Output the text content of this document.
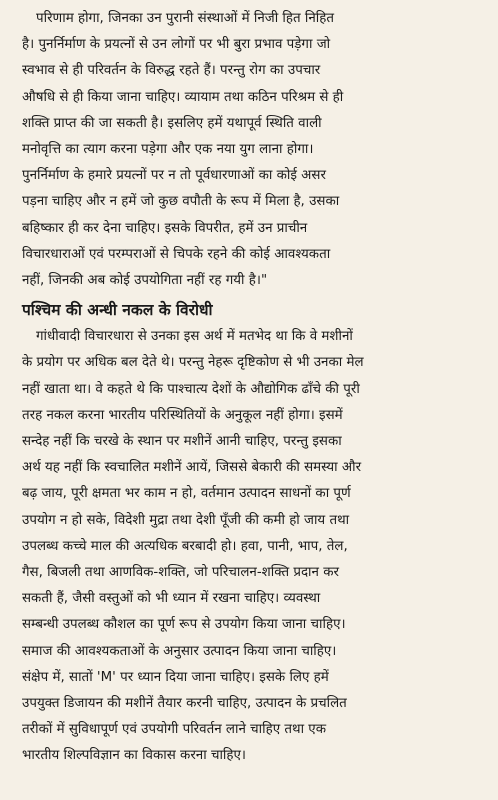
परिणाम होगा, जिनका उन पुरानी संस्थाओं में निजी हित निहित
है। पुनर्निर्माण के प्रयत्नों से उन लोगों पर भी बुरा प्रभाव पड़ेगा जो
स्वभाव से ही परिवर्तन के विरुद्ध रहते हैं। परन्तु रोग का उपचार
औषधि से ही किया जाना चाहिए। व्यायाम तथा कठिन परिश्रम से ही
शक्ति प्राप्त की जा सकती है। इसलिए हमें यथापूर्व स्थिति वाली
मनोवृत्ति का त्याग करना पड़ेगा और एक नया युग लाना होगा।
पुनर्निर्माण के हमारे प्रयत्नों पर न तो पूर्वधारणाओं का कोई असर
पड़ना चाहिए और न हमें जो कुछ वपौती के रूप में मिला है, उसका
बहिष्कार ही कर देना चाहिए। इसके विपरीत, हमें उन प्राचीन
विचारधाराओं एवं परम्पराओं से चिपके रहने की कोई आवश्यकता
नहीं, जिनकी अब कोई उपयोगिता नहीं रह गयी है।"
पश्चिम की अन्धी नकल के विरोधी
गांधीवादी विचारधारा से उनका इस अर्थ में मतभेद था कि वे मशीनों
के प्रयोग पर अधिक बल देते थे। परन्तु नेहरू दृष्टिकोण से भी उनका मेल
नहीं खाता था। वे कहते थे कि पाश्चात्य देशों के औद्योगिक ढाँचे की पूरी
तरह नकल करना भारतीय परिस्थितियों के अनुकूल नहीं होगा। इसमें
सन्देह नहीं कि चरखे के स्थान पर मशीनें आनी चाहिए, परन्तु इसका
अर्थ यह नहीं कि स्वचालित मशीनें आयें, जिससे बेकारी की समस्या और
बढ़ जाय, पूरी क्षमता भर काम न हो, वर्तमान उत्पादन साधनों का पूर्ण
उपयोग न हो सके, विदेशी मुद्रा तथा देशी पूँजी की कमी हो जाय तथा
उपलब्ध कच्चे माल की अत्यधिक बरबादी हो। हवा, पानी, भाप, तेल,
गैस, बिजली तथा आणविक-शक्ति, जो परिचालन-शक्ति प्रदान कर
सकती हैं, जैसी वस्तुओं को भी ध्यान में रखना चाहिए। व्यवस्था
सम्बन्धी उपलब्ध कौशल का पूर्ण रूप से उपयोग किया जाना चाहिए।
समाज की आवश्यकताओं के अनुसार उत्पादन किया जाना चाहिए।
संक्षेप में, सातों 'M' पर ध्यान दिया जाना चाहिए। इसके लिए हमें
उपयुक्त डिजायन की मशीनें तैयार करनी चाहिए, उत्पादन के प्रचलित
तरीकों में सुविधापूर्ण एवं उपयोगी परिवर्तन लाने चाहिए तथा एक
भारतीय शिल्पविज्ञान का विकास करना चाहिए।
